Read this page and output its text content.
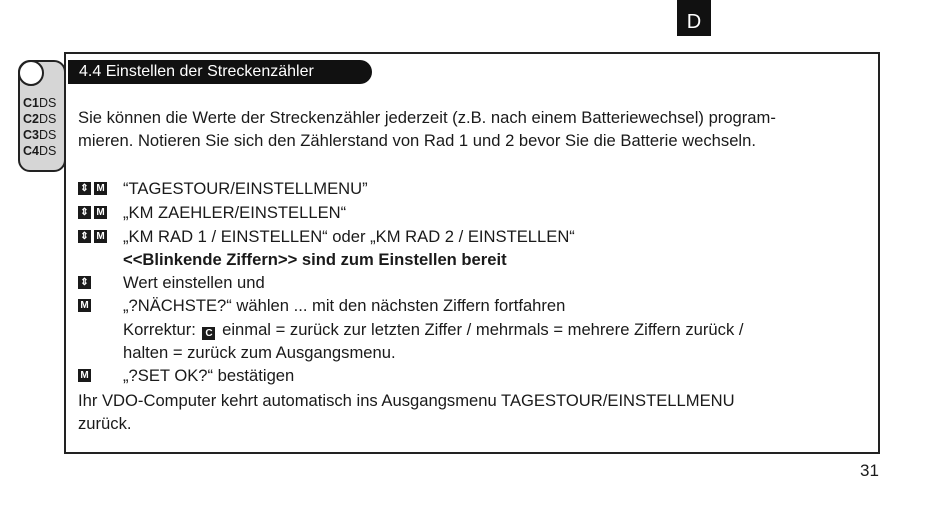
D
C1DS
C2DS
C3DS
C4DS
4.4 Einstellen der Streckenzähler
Sie können die Werte der Streckenzähler jederzeit (z.B. nach einem Batteriewechsel) program-
mieren. Notieren Sie sich den Zählerstand von Rad 1 und 2 bevor Sie die Batterie wechseln.
⇕ M “TAGESTOUR/EINSTELLMENU”
⇕ M „KM ZAEHLER/EINSTELLEN“
⇕ M „KM RAD 1 / EINSTELLEN“ oder „KM RAD 2 / EINSTELLEN“
<<Blinkende Ziffern>> sind zum Einstellen bereit
⇕ Wert einstellen und
M „?NÄCHSTE?“ wählen ... mit den nächsten Ziffern fortfahren
Korrektur: C einmal = zurück zur letzten Ziffer / mehrmals = mehrere Ziffern zurück /
halten = zurück zum Ausgangsmenu.
M „?SET OK?“ bestätigen
Ihr VDO-Computer kehrt automatisch ins Ausgangsmenu TAGESTOUR/EINSTELLMENU
zurück.
31
